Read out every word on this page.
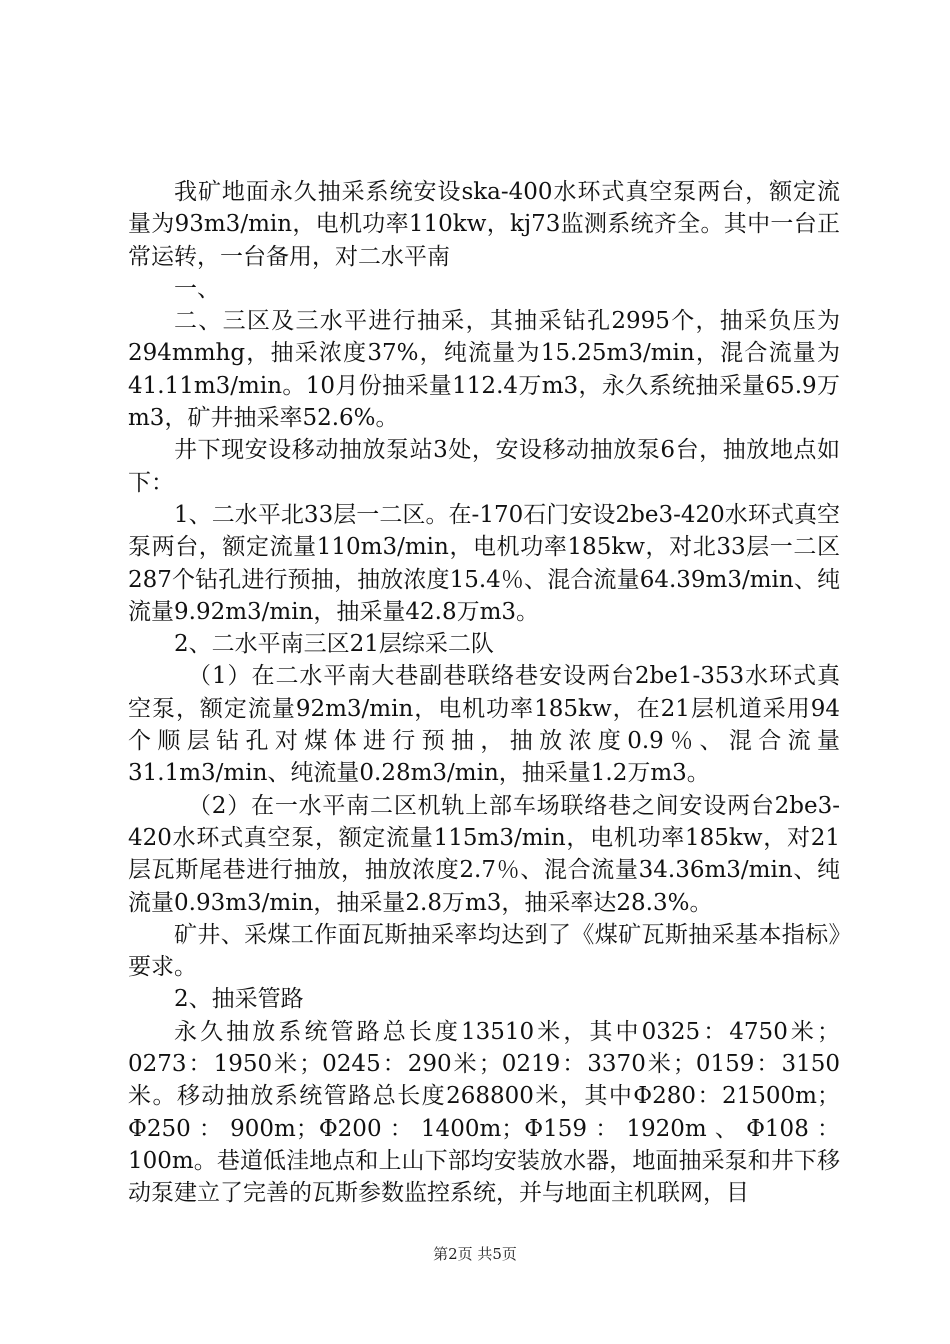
我矿地面永久抽采系统安设ska-400水环式真空泵两台，额定流量为93m3/min，电机功率110kw，kj73监测系统齐全。其中一台正常运转，一台备用，对二水平南

一、

二、三区及三水平进行抽采，其抽采钻孔2995个，抽采负压为294mmhg，抽采浓度37%，纯流量为15.25m3/min，混合流量为41.11m3/min。10月份抽采量112.4万m3，永久系统抽采量65.9万m3，矿井抽采率52.6%。

井下现安设移动抽放泵站3处，安设移动抽放泵6台，抽放地点如下：

1、二水平北33层一二区。在-170石门安设2be3-420水环式真空泵两台，额定流量110m3/min，电机功率185kw，对北33层一二区287个钻孔进行预抽，抽放浓度15.4％、混合流量64.39m3/min、纯流量9.92m3/min，抽采量42.8万m3。

2、二水平南三区21层综采二队

（1）在二水平南大巷副巷联络巷安设两台2be1-353水环式真空泵，额定流量92m3/min，电机功率185kw，在21层机道采用94个顺层钻孔对煤体进行预抽，抽放浓度0.9％、混合流量31.1m3/min、纯流量0.28m3/min，抽采量1.2万m3。

（2）在一水平南二区机轨上部车场联络巷之间安设两台2be3-420水环式真空泵，额定流量115m3/min，电机功率185kw，对21层瓦斯尾巷进行抽放，抽放浓度2.7％、混合流量34.36m3/min、纯流量0.93m3/min，抽采量2.8万m3，抽采率达28.3%。

矿井、采煤工作面瓦斯抽采率均达到了《煤矿瓦斯抽采基本指标》要求。

2、抽采管路

永久抽放系统管路总长度13510米，其中0325：4750米；0273：1950米；0245：290米；0219：3370米；0159：3150米。移动抽放系统管路总长度268800米，其中Φ280：21500m；Φ250：900m；Φ200：1400m；Φ159：1920m、Φ108：100m。巷道低洼地点和上山下部均安装放水器，地面抽采泵和井下移动泵建立了完善的瓦斯参数监控系统，并与地面主机联网，目

第2页 共5页
